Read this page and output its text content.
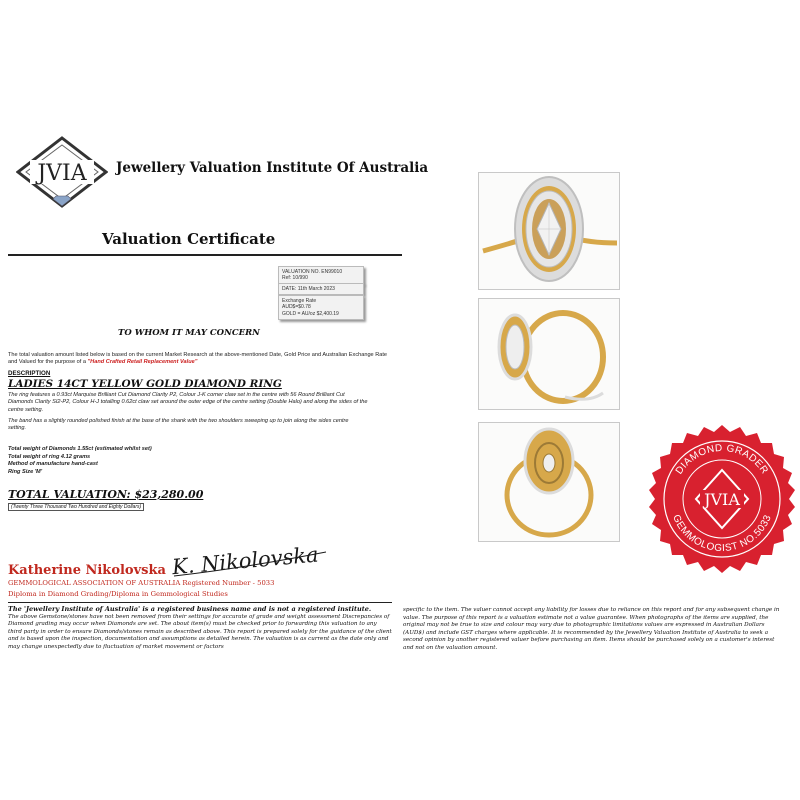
JVIA Jewellery Valuation Institute Of Australia
Valuation Certificate
VALUATION NO. EN99010
Ref: 10/990
DATE: 11th March 2023
Exchange Rate
AUD$=$0.78
GOLD = AU/oz $2,400.19
TO WHOM IT MAY CONCERN
The total valuation amount listed below is based on the current Market Research at the above-mentioned Date, Gold Price and Australian Exchange Rate and Valued for the purpose of a "Hand Crafted Retail Replacement Value"
DESCRIPTION
LADIES 14CT YELLOW GOLD DIAMOND RING
The ring features a 0.93ct Marquise Brilliant Cut Diamond Clarity P2, Colour J-K corner claw set in the centre with 56 Round Brilliant Cut Diamonds Clarity SI2-P2, Colour H-J totalling 0.62ct claw set around the outer edge of the centre setting (Double Halo) and along the sides of the centre setting.
The band has a slightly rounded polished finish at the base of the shank with the two shoulders sweeping up to join along the sides centre setting.
Total weight of Diamonds 1.55ct (estimated whilst set)
Total weight of ring 4.12 grams
Method of manufacture hand-cast
Ring Size 'M'
TOTAL VALUATION: $23,280.00
(Twenty Three Thousand Two Hundred and Eighty Dollars)
Katherine Nikolovska K. Nikolovska
GEMMOLOGICAL ASSOCIATION OF AUSTRALIA Registered Number - 5033
Diploma in Diamond Grading/Diploma in Gemmological Studies
The 'Jewellery Institute of Australia' is a registered business name and is not a registered institute.
The above Gemstone/stones have not been removed from their settings for accurate of grade and weight assessment Discrepancies of Diamond grading may occur when Diamonds are set. The about item(s) must be checked prior to forwarding this valuation to any third party in order to ensure Diamonds/stones remain as described above. This report is prepared solely for the guidance of the client and is based upon the inspection, documentation and assumptions as detailed herein. The valuation is as current as the date only and may change unexpectedly due to fluctuation of market movement or factors
specific to the item. The valuer cannot accept any liability for losses due to reliance on this report and for any subsequent change in value. The purpose of this report is a valuation estimate not a value guarantee. When photographs of the items are supplied, the original may not be true to size and colour may vary due to photographic limitations values are expressed in Australian Dollars (AUD$) and include GST charges where applicable. It is recommended by the Jewellery Valuation Institute of Australia to seek a second opinion by another registered valuer before purchasing an item. Items should be purchased solely on a customer's interest and not on the valuation amount.
DIAMOND GRADER
GEMMOLOGIST NO.5033
JVIA
